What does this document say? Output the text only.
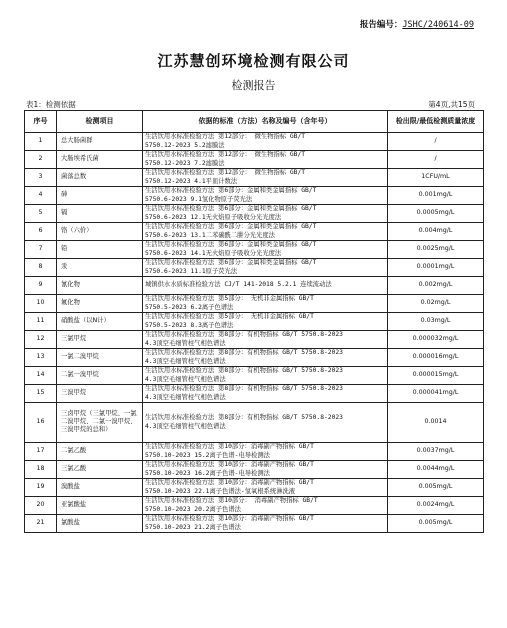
报告编号：JSHC/240614-09
江苏慧创环境检测有限公司
检测报告
表1：检测依据	第4页,共15页
序号	检测项目	依据的标准（方法）名称及编号（含年号）	检出限/最低检测质量浓度
1	总大肠菌群	生活饮用水标准检验方法 第12部分： 微生物指标 GB/T
5750.12-2023 5.2滤膜法	/
2	大肠埃希氏菌	生活饮用水标准检验方法 第12部分： 微生物指标 GB/T
5750.12-2023 7.2滤膜法	/
3	菌落总数	生活饮用水标准检验方法 第12部分： 微生物指标 GB/T
5750.12-2023 4.1平皿计数法	1CFU/mL
4	砷	生活饮用水标准检验方法 第6部分：金属和类金属指标 GB/T
5750.6-2023 9.1氢化物原子荧光法	0.001mg/L
5	镉	生活饮用水标准检验方法 第6部分：金属和类金属指标 GB/T
5750.6-2023 12.1无火焰原子吸收分光光度法	0.0005mg/L
6	铬（六价）	生活饮用水标准检验方法 第6部分：金属和类金属指标 GB/T
5750.6-2023 13.1二苯碳酰二肼分光光度法	0.004mg/L
7	铅	生活饮用水标准检验方法 第6部分：金属和类金属指标 GB/T
5750.6-2023 14.1无火焰原子吸收分光光度法	0.0025mg/L
8	汞	生活饮用水标准检验方法 第6部分：金属和类金属指标 GB/T
5750.6-2023 11.1原子荧光法	0.0001mg/L
9	氰化物	城镇供水水质标准检验方法 CJ/T 141-2018 5.2.1 连续流动法	0.002mg/L
10	氟化物	生活饮用水标准检验方法 第5部分： 无机非金属指标 GB/T
5750.5-2023 6.2离子色谱法	0.02mg/L
11	硝酸盐（以N计）	生活饮用水标准检验方法 第5部分： 无机非金属指标 GB/T
5750.5-2023 8.3离子色谱法	0.03mg/L
12	三氯甲烷	生活饮用水标准检验方法 第8部分：有机物指标 GB/T 5750.8-2023
4.3顶空毛细管柱气相色谱法	0.000032mg/L
13	一氯二溴甲烷	生活饮用水标准检验方法 第8部分：有机物指标 GB/T 5750.8-2023
4.3顶空毛细管柱气相色谱法	0.000016mg/L
14	二氯一溴甲烷	生活饮用水标准检验方法 第8部分：有机物指标 GB/T 5750.8-2023
4.3顶空毛细管柱气相色谱法	0.000015mg/L
15	三溴甲烷	生活饮用水标准检验方法 第8部分：有机物指标 GB/T 5750.8-2023
4.3顶空毛细管柱气相色谱法	0.000041mg/L
16	三卤甲烷（三氯甲烷、一氯二溴甲烷、二氯一溴甲烷、三溴甲烷的总和）	生活饮用水标准检验方法 第8部分：有机物指标 GB/T 5750.8-2023
4.3顶空毛细管柱气相色谱法	0.0014
17	二氯乙酸	生活饮用水标准检验方法 第10部分：消毒副产物指标 GB/T
5750.10-2023 15.2离子色谱-电导检测法	0.0037mg/L
18	三氯乙酸	生活饮用水标准检验方法 第10部分：消毒副产物指标 GB/T
5750.10-2023 16.2离子色谱-电导检测法	0.0044mg/L
19	溴酸盐	生活饮用水标准检验方法 第10部分：消毒副产物指标 GB/T
5750.10-2023 22.1离子色谱法-氢氧根系统淋洗液	0.005mg/L
20	亚氯酸盐	生活饮用水标准检验方法 第10部分： 消毒副产物指标 GB/T
5750.10-2023 20.2离子色谱法	0.0024mg/L
21	氯酸盐	生活饮用水标准检验方法 第10部分：消毒副产物指标 GB/T
5750.10-2023 21.2离子色谱法	0.005mg/L
